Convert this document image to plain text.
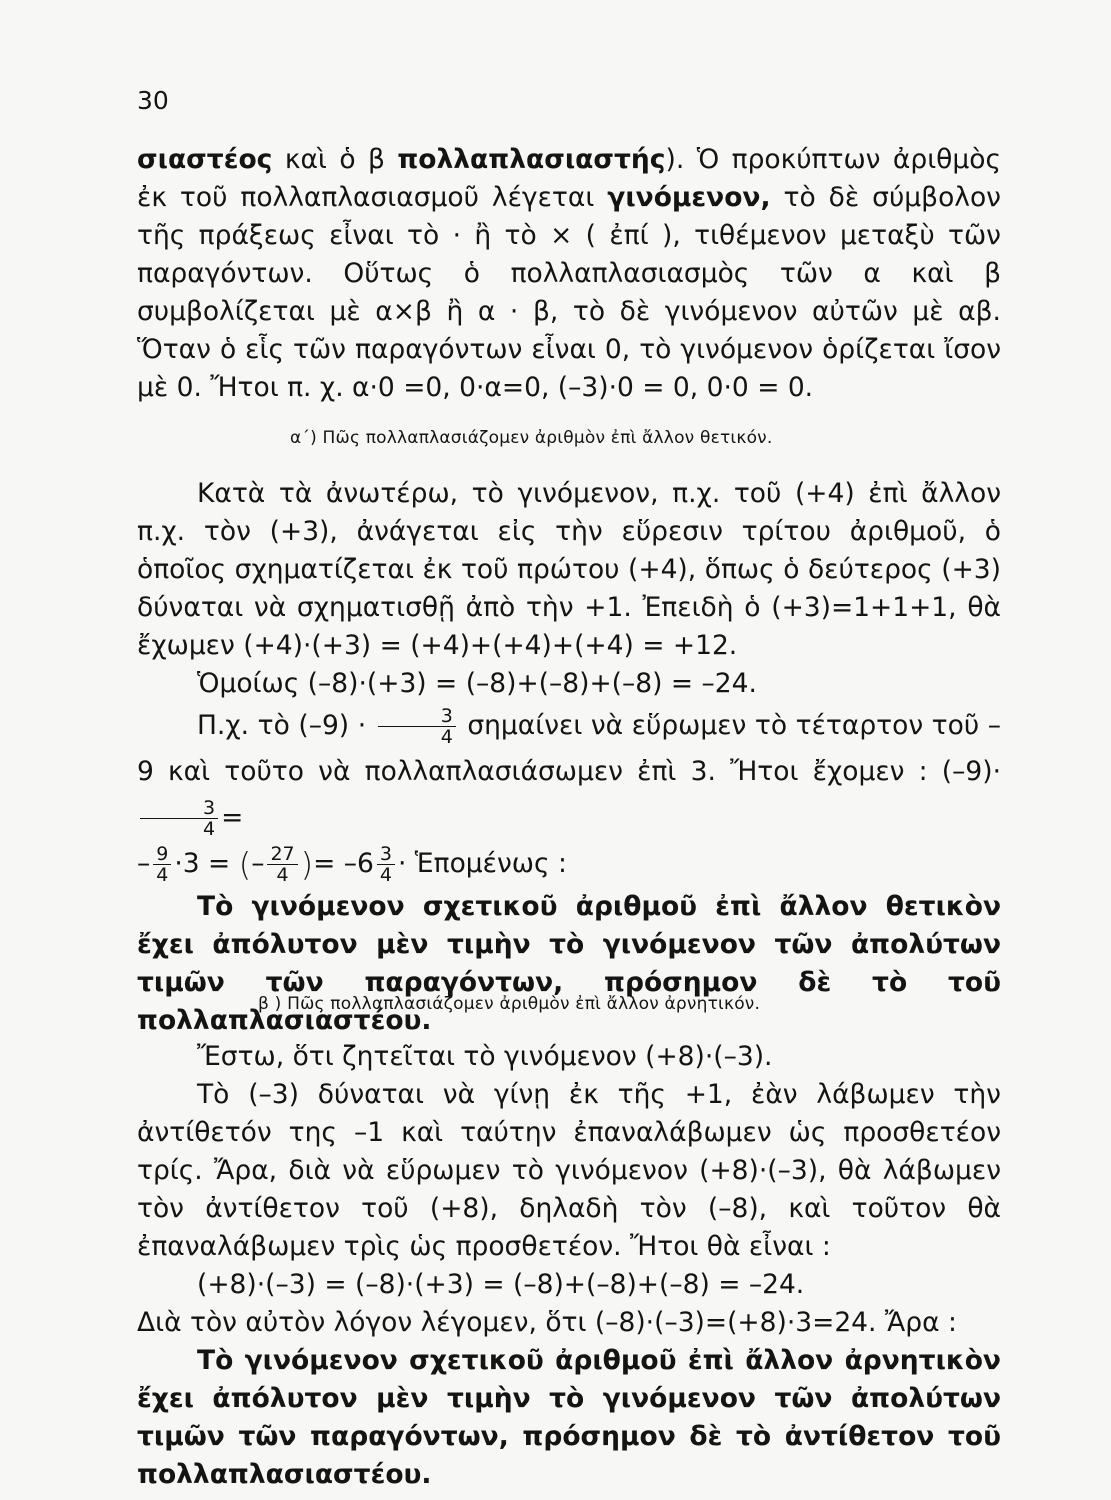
30

σιαστέος καὶ ὁ β πολλαπλασιαστής). Ὁ προκύπτων ἀριθμὸς ἐκ τοῦ πολλαπλασιασμοῦ λέγεται γινόμενον, τὸ δὲ σύμβολον τῆς πράξεως εἶναι τὸ · ἢ τὸ × ( ἐπί ), τιθέμενον μεταξὺ τῶν παραγόντων. Οὕτως ὁ πολλαπλασιασμὸς τῶν α καὶ β συμβολίζεται μὲ α×β ἢ α · β, τὸ δὲ γινόμενον αὐτῶν μὲ αβ. Ὅταν ὁ εἷς τῶν παραγόντων εἶναι 0, τὸ γινόμενον ὁρίζεται ἴσον μὲ 0. Ἤτοι π. χ. α·0 =0, 0·α=0, (–3)·0 = 0, 0·0 = 0.

α΄) Πῶς πολλαπλασιάζομεν ἀριθμὸν ἐπὶ ἄλλον θετικόν.

Κατὰ τὰ ἀνωτέρω, τὸ γινόμενον, π.χ. τοῦ (+4) ἐπὶ ἄλλον π.χ. τὸν (+3), ἀνάγεται εἰς τὴν εὕρεσιν τρίτου ἀριθμοῦ, ὁ ὁποῖος σχηματίζεται ἐκ τοῦ πρώτου (+4), ὅπως ὁ δεύτερος (+3) δύναται νὰ σχηματισθῇ ἀπὸ τὴν +1. Ἐπειδὴ ὁ (+3)=1+1+1, θὰ ἔχωμεν (+4)·(+3) = (+4)+(+4)+(+4) = +12.

Ὁμοίως (–8)·(+3) = (–8)+(–8)+(–8) = –24.

Π.χ. τὸ $(-9) \cdot \frac{3}{4}$ σημαίνει νὰ εὕρωμεν τὸ τέταρτον τοῦ –9 καὶ τοῦτο νὰ πολλαπλασιάσωμεν ἐπὶ 3. Ἤτοι ἔχομεν : (–9)·
$\frac{3}{4}$ =

– $\frac{9}{4} \cdot 3$ = (– $\frac{27}{4}$ )= $-6 \frac{3}{4}$ · Ἑπομένως :

Τὸ γινόμενον σχετικοῦ ἀριθμοῦ ἐπὶ ἄλλον θετικὸν ἔχει ἀπόλυτον μὲν τιμὴν τὸ γινόμενον τῶν ἀπολύτων τιμῶν τῶν παραγόντων, πρόσημον δὲ τὸ τοῦ πολλαπλασιαστέου.

β ) Πῶς πολλαπλασιάζομεν ἀριθμὸν ἐπὶ ἄλλον ἀρνητικόν.

Ἔστω, ὅτι ζητεῖται τὸ γινόμενον (+8)·(–3).

Τὸ (–3) δύναται νὰ γίνῃ ἐκ τῆς +1, ἐὰν λάβωμεν τὴν ἀντίθετόν της –1 καὶ ταύτην ἐπαναλάβωμεν ὡς προσθετέον τρίς. Ἄρα, διὰ νὰ εὕρωμεν τὸ γινόμενον (+8)·(–3), θὰ λάβωμεν τὸν ἀντίθετον τοῦ (+8), δηλαδὴ τὸν (–8), καὶ τοῦτον θὰ ἐπαναλάβωμεν τρὶς ὡς προσθετέον. Ἤτοι θὰ εἶναι :

(+8)·(–3) = (–8)·(+3) = (–8)+(–8)+(–8) = –24.

Διὰ τὸν αὐτὸν λόγον λέγομεν, ὅτι (–8)·(–3)=(+8)·3=24. Ἄρα :

Τὸ γινόμενον σχετικοῦ ἀριθμοῦ ἐπὶ ἄλλον ἀρνητικὸν ἔχει ἀπόλυτον μὲν τιμὴν τὸ γινόμενον τῶν ἀπολύτων τιμῶν τῶν παραγόντων, πρόσημον δὲ τὸ ἀντίθετον τοῦ πολλαπλασιαστέου.
